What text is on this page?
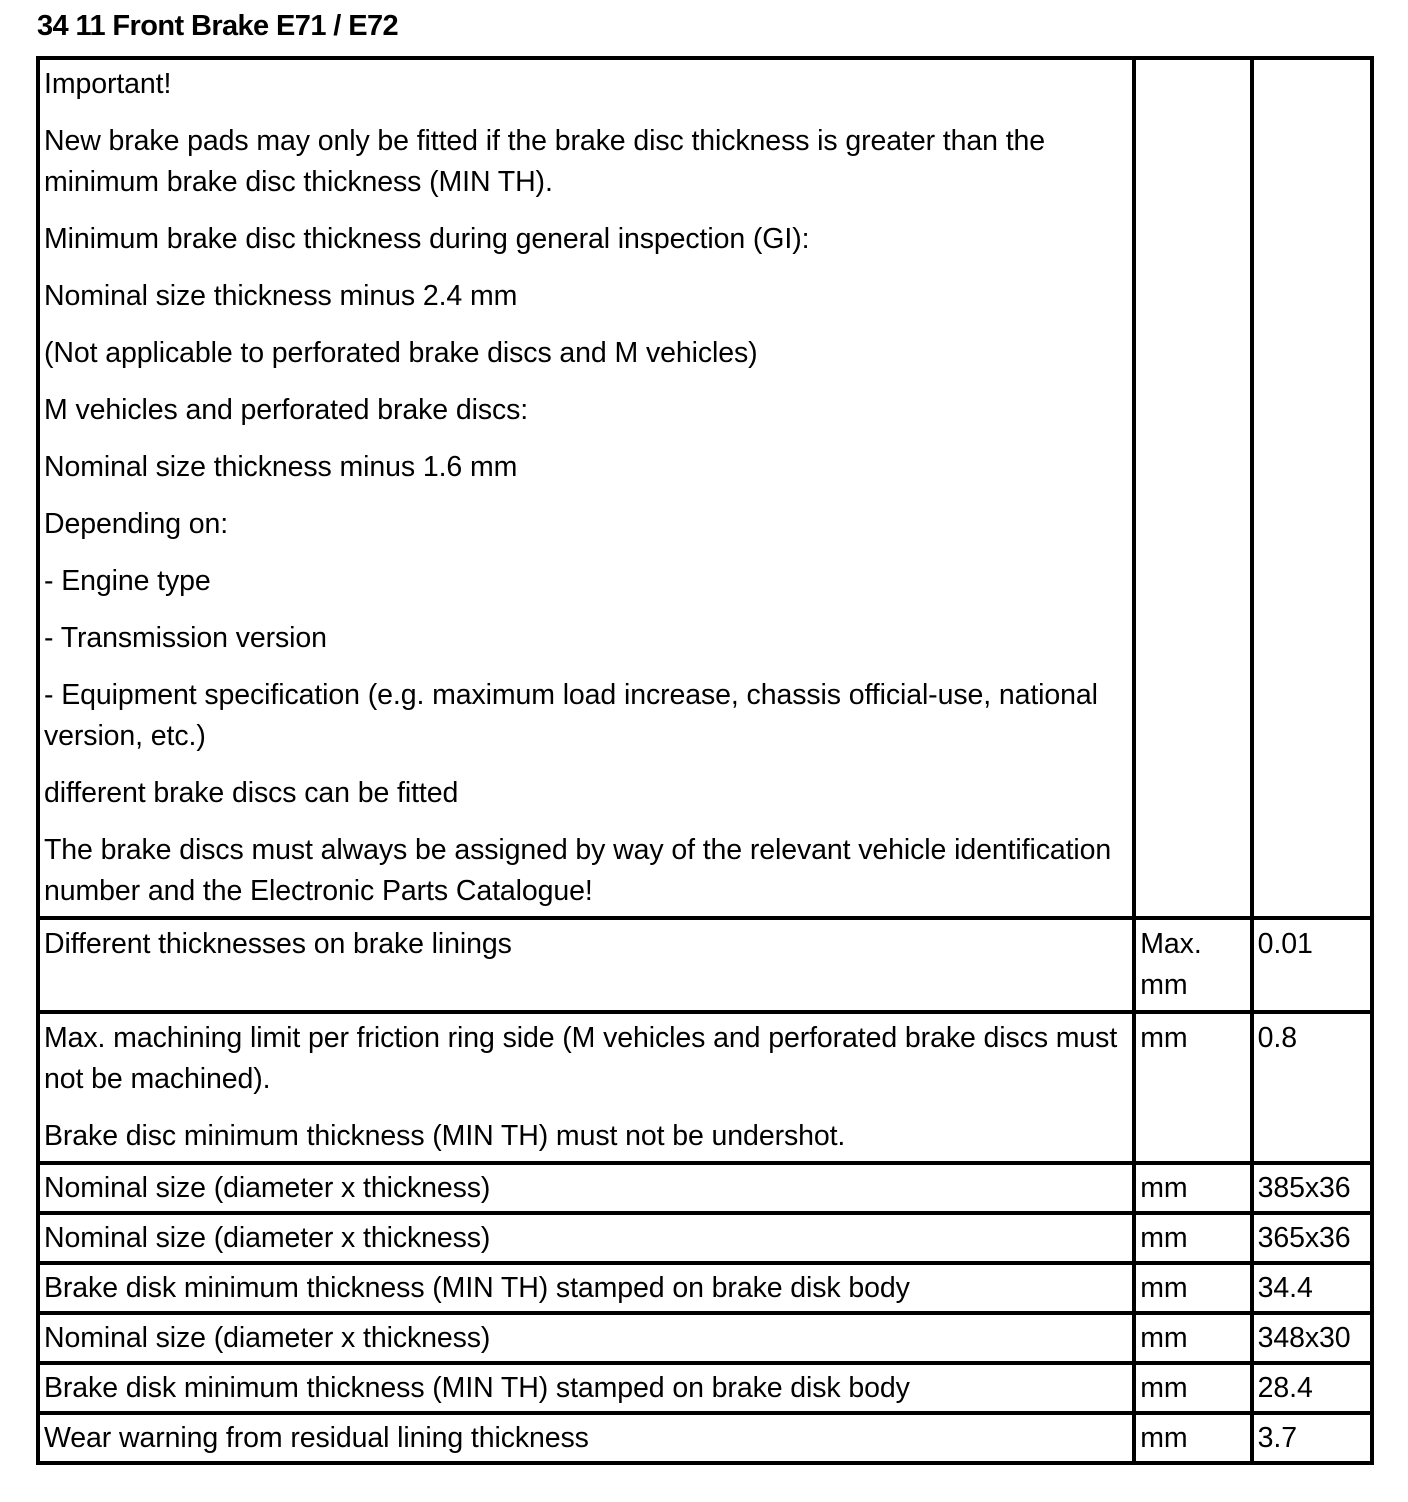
34 11 Front Brake E71 / E72
Important!
New brake pads may only be fitted if the brake disc thickness is greater than the minimum brake disc thickness (MIN TH).
Minimum brake disc thickness during general inspection (GI):
Nominal size thickness minus 2.4 mm
(Not applicable to perforated brake discs and M vehicles)
M vehicles and perforated brake discs:
Nominal size thickness minus 1.6 mm
Depending on:
- Engine type
- Transmission version
- Equipment specification (e.g. maximum load increase, chassis official-use, national version, etc.)
different brake discs can be fitted
The brake discs must always be assigned by way of the relevant vehicle identification number and the Electronic Parts Catalogue!

Different thicknesses on brake linings	Max. mm	0.01

Max. machining limit per friction ring side (M vehicles and perforated brake discs must not be machined).
Brake disc minimum thickness (MIN TH) must not be undershot.	mm	0.8
Nominal size (diameter x thickness)	mm	385x36
Nominal size (diameter x thickness)	mm	365x36
Brake disk minimum thickness (MIN TH) stamped on brake disk body	mm	34.4
Nominal size (diameter x thickness)	mm	348x30
Brake disk minimum thickness (MIN TH) stamped on brake disk body	mm	28.4
Wear warning from residual lining thickness	mm	3.7
